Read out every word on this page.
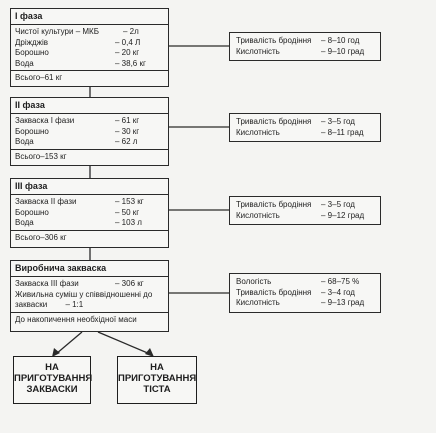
І фаза
Чистої культури – МКБ	– 2л
Дріжджів	– 0,4 Л
Борошно	– 20 кг
Вода	– 38,6 кг
Всього–61 кг
ІІ фаза
Закваска І фази	– 61 кг
Борошно	– 30 кг
Вода	– 62 л
Всього–153 кг
ІІІ фаза
Закваска ІІ фази	– 153 кг
Борошно	– 50 кг
Вода	– 103 л
Всього–306 кг
Виробнича закваска
Закваска ІІІ фази	– 306 кг
Живильна суміш у співвідношенні до закваски – 1:1
До накопичення необхідної маси
Тривалість бродіння – 8–10 год
Кислотність	– 9–10 град
Тривалість бродіння – 3–5 год
Кислотність	– 8–11 град
Тривалість бродіння – 3–5 год
Кислотність	– 9–12 град
Вологість	– 68–75 %
Тривалість бродіння – 3–4 год
Кислотність	– 9–13 град
НА
ПРИГОТУВАННЯ
ЗАКВАСКИ
НА
ПРИГОТУВАННЯ
ТІСТА
